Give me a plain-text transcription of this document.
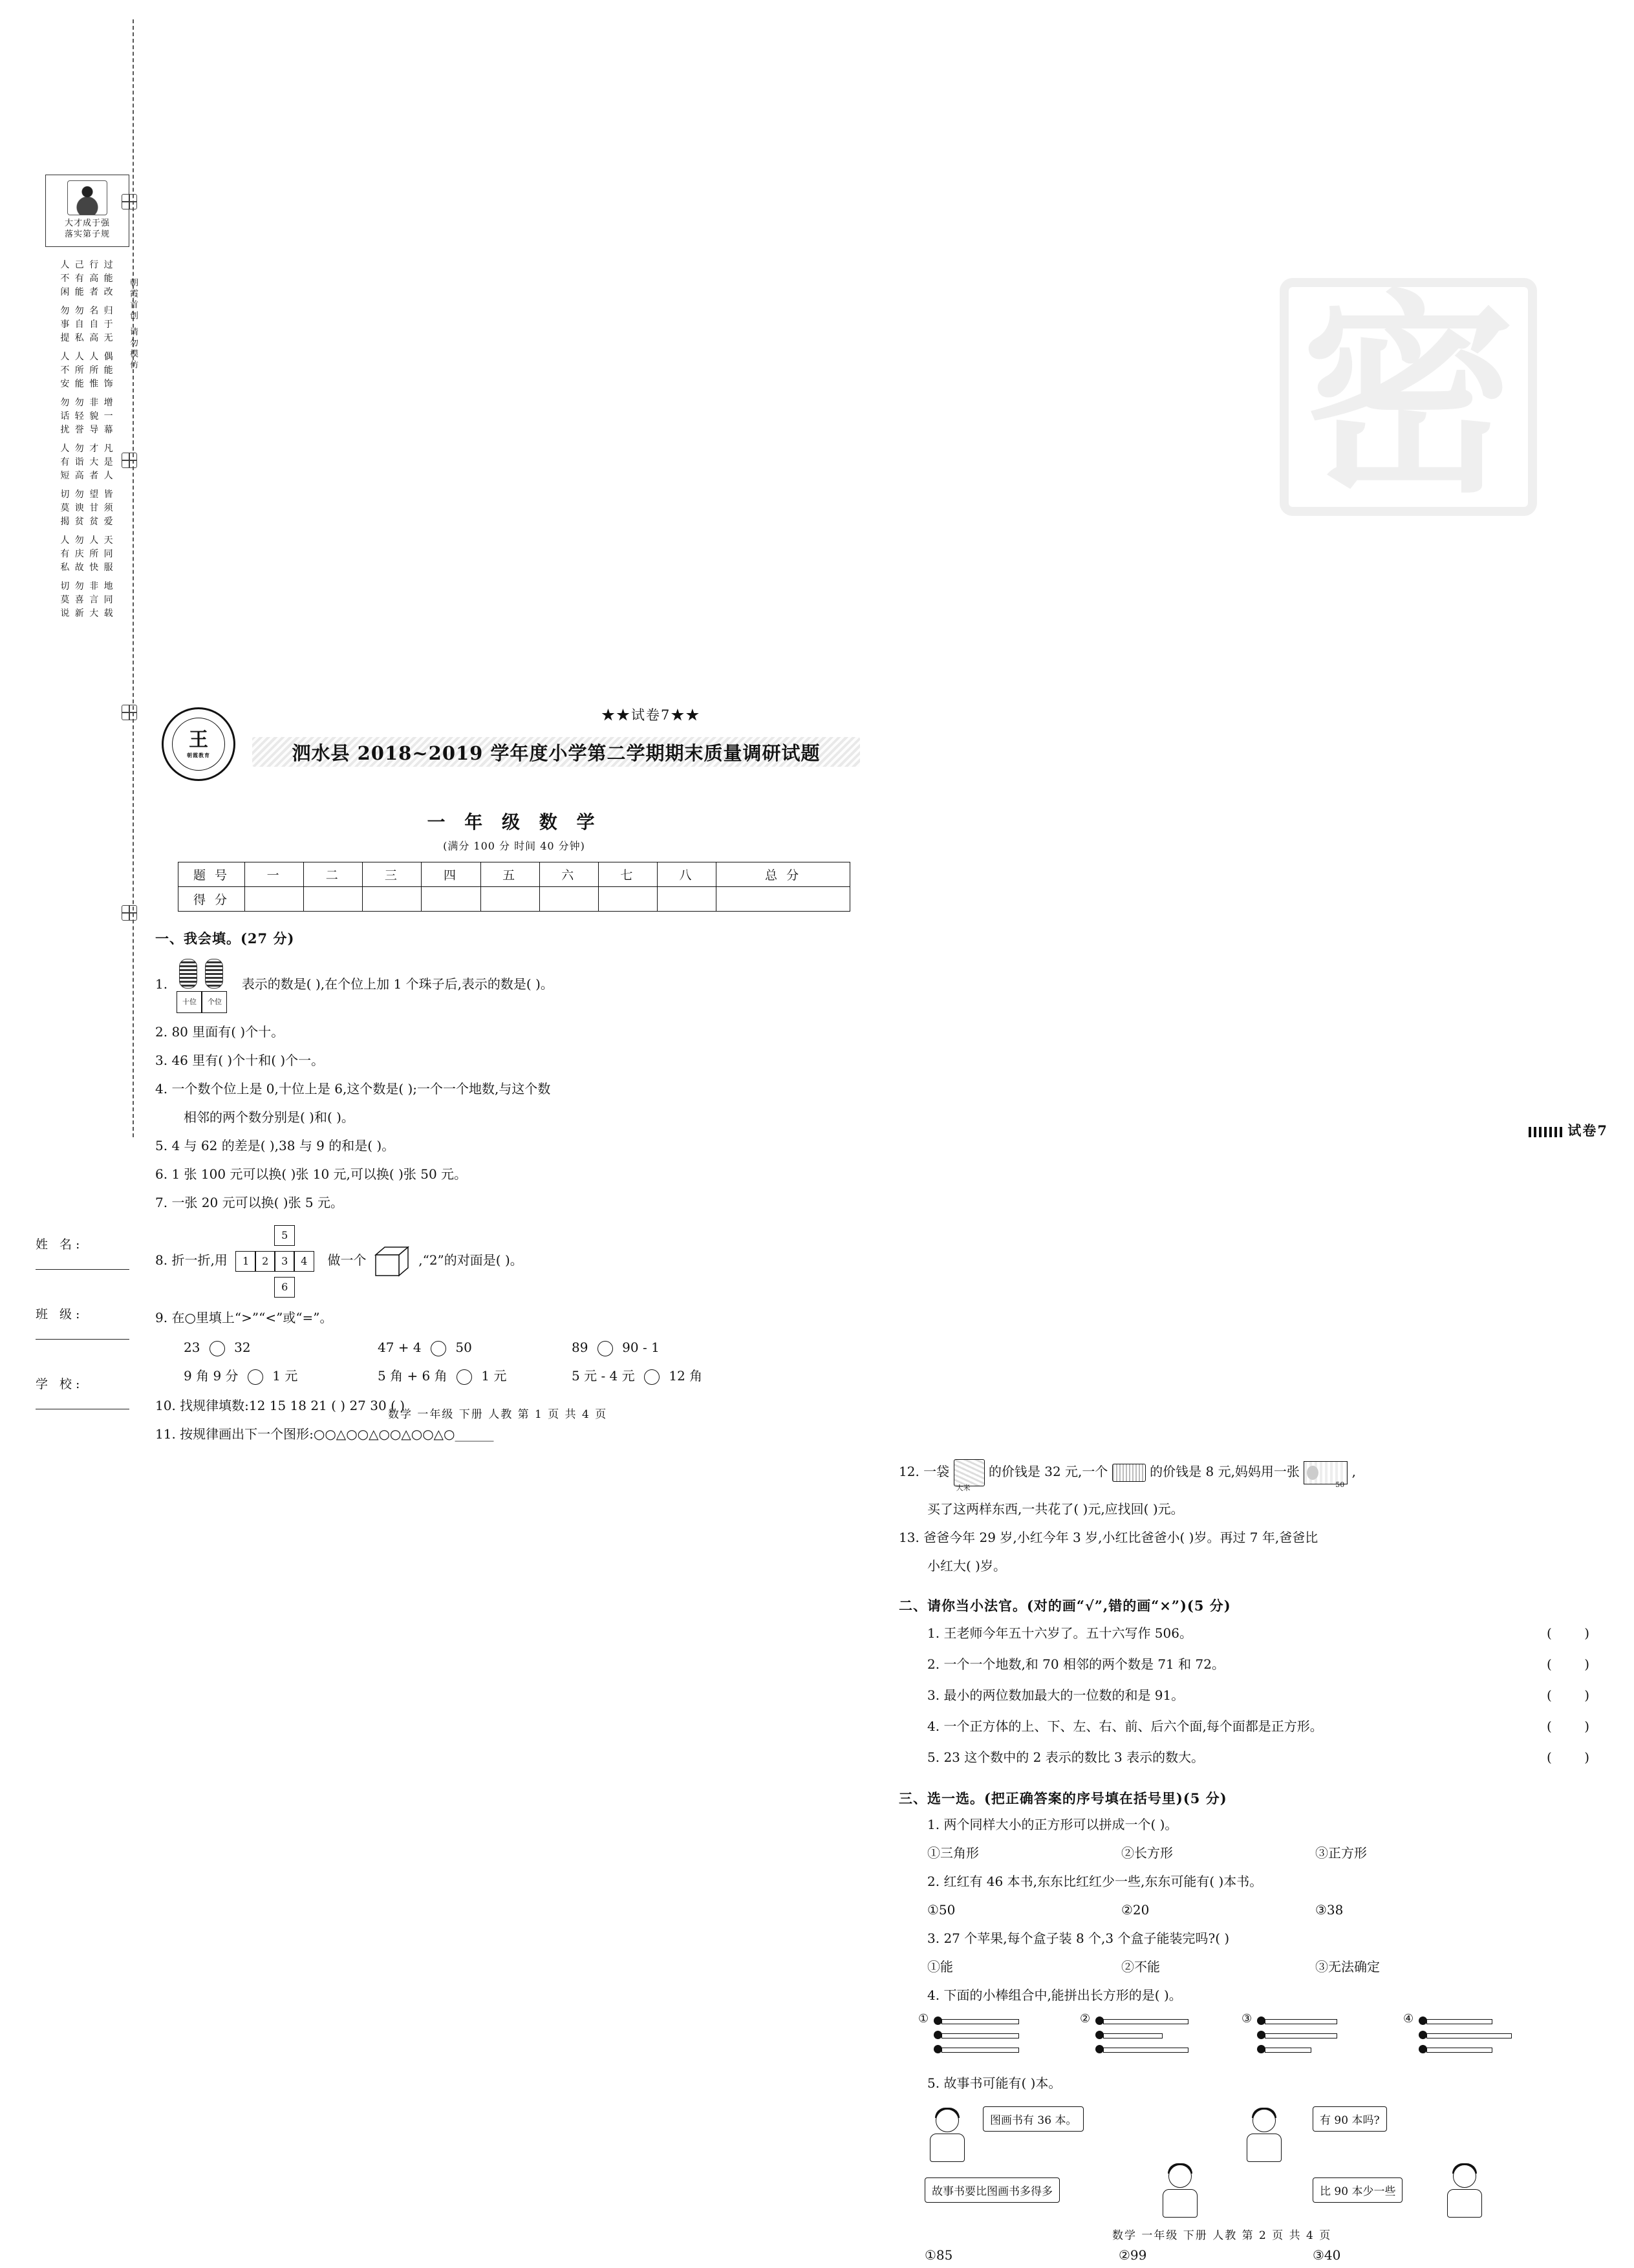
密
大才成于强
落实第子规
人 己 行 过
不 有 高 能
闲 能 者 改
勿 勿 名 归
事 自 自 于
提 私 高 无
人 人 人 偶
不 所 所 能
安 能 惟 饰
勿 勿 非 增
话 轻 貌 一
扰 誉 导 幕
人 勿 才 凡
有 诣 大 是
短 高 者 人
切 勿 望 皆
莫 谀 甘 须
揭 贫 贫 爱
人 勿 人 天
有 庆 所 同
私 故 快 服
切 勿 非 地
莫 喜 言 同
说 新 大 载
朝霞首创 请勿模仿
姓 名:
班 级:
学 校:
王
朝霞教育
★★试卷7★★
泗水县 2018~2019 学年度小学第二学期期末质量调研试题
一 年 级 数 学
(满分 100 分 时间 40 分钟)
题 号	一	二	三	四	五	六	七	八	总 分
得 分									
一、我会填。(27 分)
1.
十位	个位
表示的数是( ),在个位上加 1 个珠子后,表示的数是( )。
2. 80 里面有( )个十。
3. 46 里有( )个十和( )个一。
4. 一个数个位上是 0,十位上是 6,这个数是( );一个一个地数,与这个数
相邻的两个数分别是( )和( )。
5. 4 与 62 的差是( ),38 与 9 的和是( )。
6. 1 张 100 元可以换( )张 10 元,可以换( )张 50 元。
7. 一张 20 元可以换( )张 5 元。
8. 折一折,用
5
1	2	3	4
6
做一个	,“2”的对面是( )。
9. 在○里填上“>”“<”或“=”。
23	32	47 + 4	50	89	90 - 1
9 角 9 分	1 元	5 角 + 6 角	1 元	5 元 - 4 元	12 角
10. 找规律填数:12 15 18 21 ( ) 27 30 ( )
11. 按规律画出下一个图形:○○△○○△○○△○○△○______
数学 一年级 下册 人教 第 1 页 共 4 页
12. 一袋 大米	的价钱是 32 元,一个	的价钱是 8 元,妈妈用一张 50	,
买了这两样东西,一共花了( )元,应找回( )元。
13. 爸爸今年 29 岁,小红今年 3 岁,小红比爸爸小( )岁。再过 7 年,爸爸比
小红大( )岁。
二、请你当小法官。(对的画“√”,错的画“×”)(5 分)
( )
1. 王老师今年五十六岁了。五十六写作 506。
( )
2. 一个一个地数,和 70 相邻的两个数是 71 和 72。
( )
3. 最小的两位数加最大的一位数的和是 91。
( )
4. 一个正方体的上、下、左、右、前、后六个面,每个面都是正方形。
( )
5. 23 这个数中的 2 表示的数比 3 表示的数大。
三、选一选。(把正确答案的序号填在括号里)(5 分)
1. 两个同样大小的正方形可以拼成一个( )。
①三角形	②长方形	③正方形
2. 红红有 46 本书,东东比红红少一些,东东可能有( )本书。
①50	②20	③38
3. 27 个苹果,每个盒子装 8 个,3 个盒子能装完吗?( )
①能	②不能	③无法确定
4. 下面的小棒组合中,能拼出长方形的是( )。
①	②	③	④
5. 故事书可能有( )本。
图画书有 36 本。	有 90 本吗?
故事书要比图画书多得多	比 90 本少一些
①85	②99	③40
数学 一年级 下册 人教 第 2 页 共 4 页
试卷7
